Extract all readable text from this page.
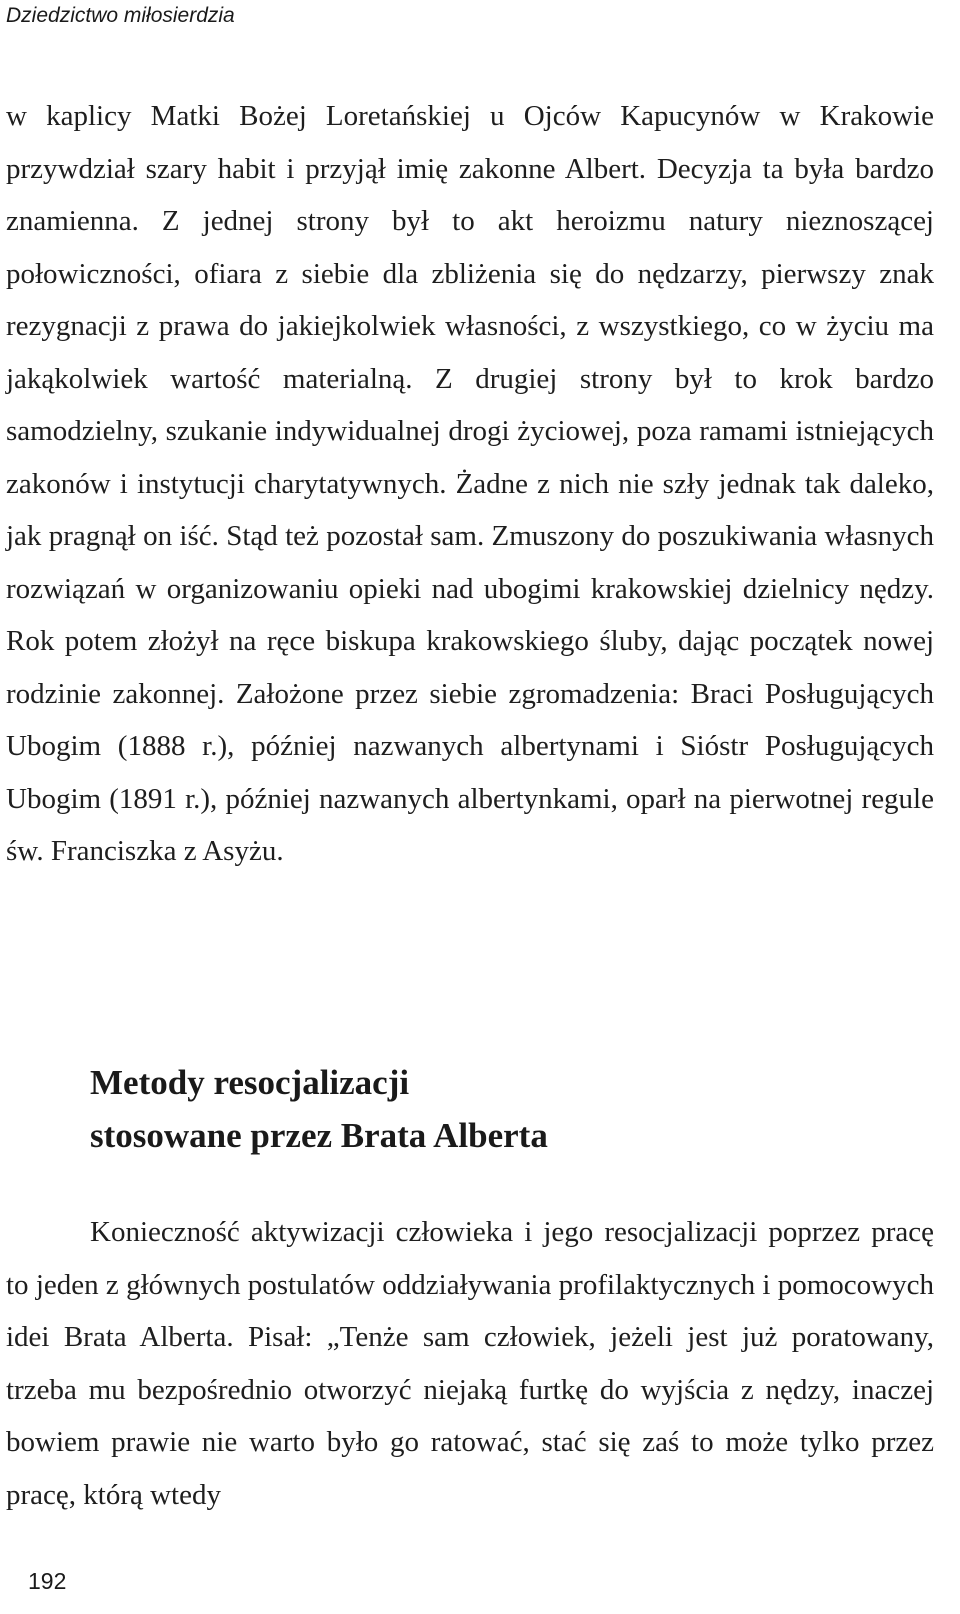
Dziedzictwo miłosierdzia

w kaplicy Matki Bożej Loretańskiej u Ojców Kapucynów w Krakowie przywdział szary habit i przyjął imię zakonne Albert. Decyzja ta była bardzo znamienna. Z jednej strony był to akt heroizmu natury nieznoszącej połowiczności, ofiara z siebie dla zbliżenia się do nędzarzy, pierwszy znak rezygnacji z prawa do jakiejkolwiek własności, z wszystkiego, co w życiu ma jakąkolwiek wartość materialną. Z drugiej strony był to krok bardzo samodzielny, szukanie indywidualnej drogi życiowej, poza ramami istniejących zakonów i instytucji charytatywnych. Żadne z nich nie szły jednak tak daleko, jak pragnął on iść. Stąd też pozostał sam. Zmuszony do poszukiwania własnych rozwiązań w organizowaniu opieki nad ubogimi krakowskiej dzielnicy nędzy. Rok potem złożył na ręce biskupa krakowskiego śluby, dając początek nowej rodzinie zakonnej. Założone przez siebie zgromadzenia: Braci Posługujących Ubogim (1888 r.), później nazwanych albertynami i Sióstr Posługujących Ubogim (1891 r.), później nazwanych albertynkami, oparł na pierwotnej regule św. Franciszka z Asyżu.

Metody resocjalizacji
stosowane przez Brata Alberta

Konieczność aktywizacji człowieka i jego resocjalizacji poprzez pracę to jeden z głównych postulatów oddziaływania profilaktycznych i pomocowych idei Brata Alberta. Pisał: „Tenże sam człowiek, jeżeli jest już poratowany, trzeba mu bezpośrednio otworzyć niejaką furtkę do wyjścia z nędzy, inaczej bowiem prawie nie warto było go ratować, stać się zaś to może tylko przez pracę, którą wtedy

192
